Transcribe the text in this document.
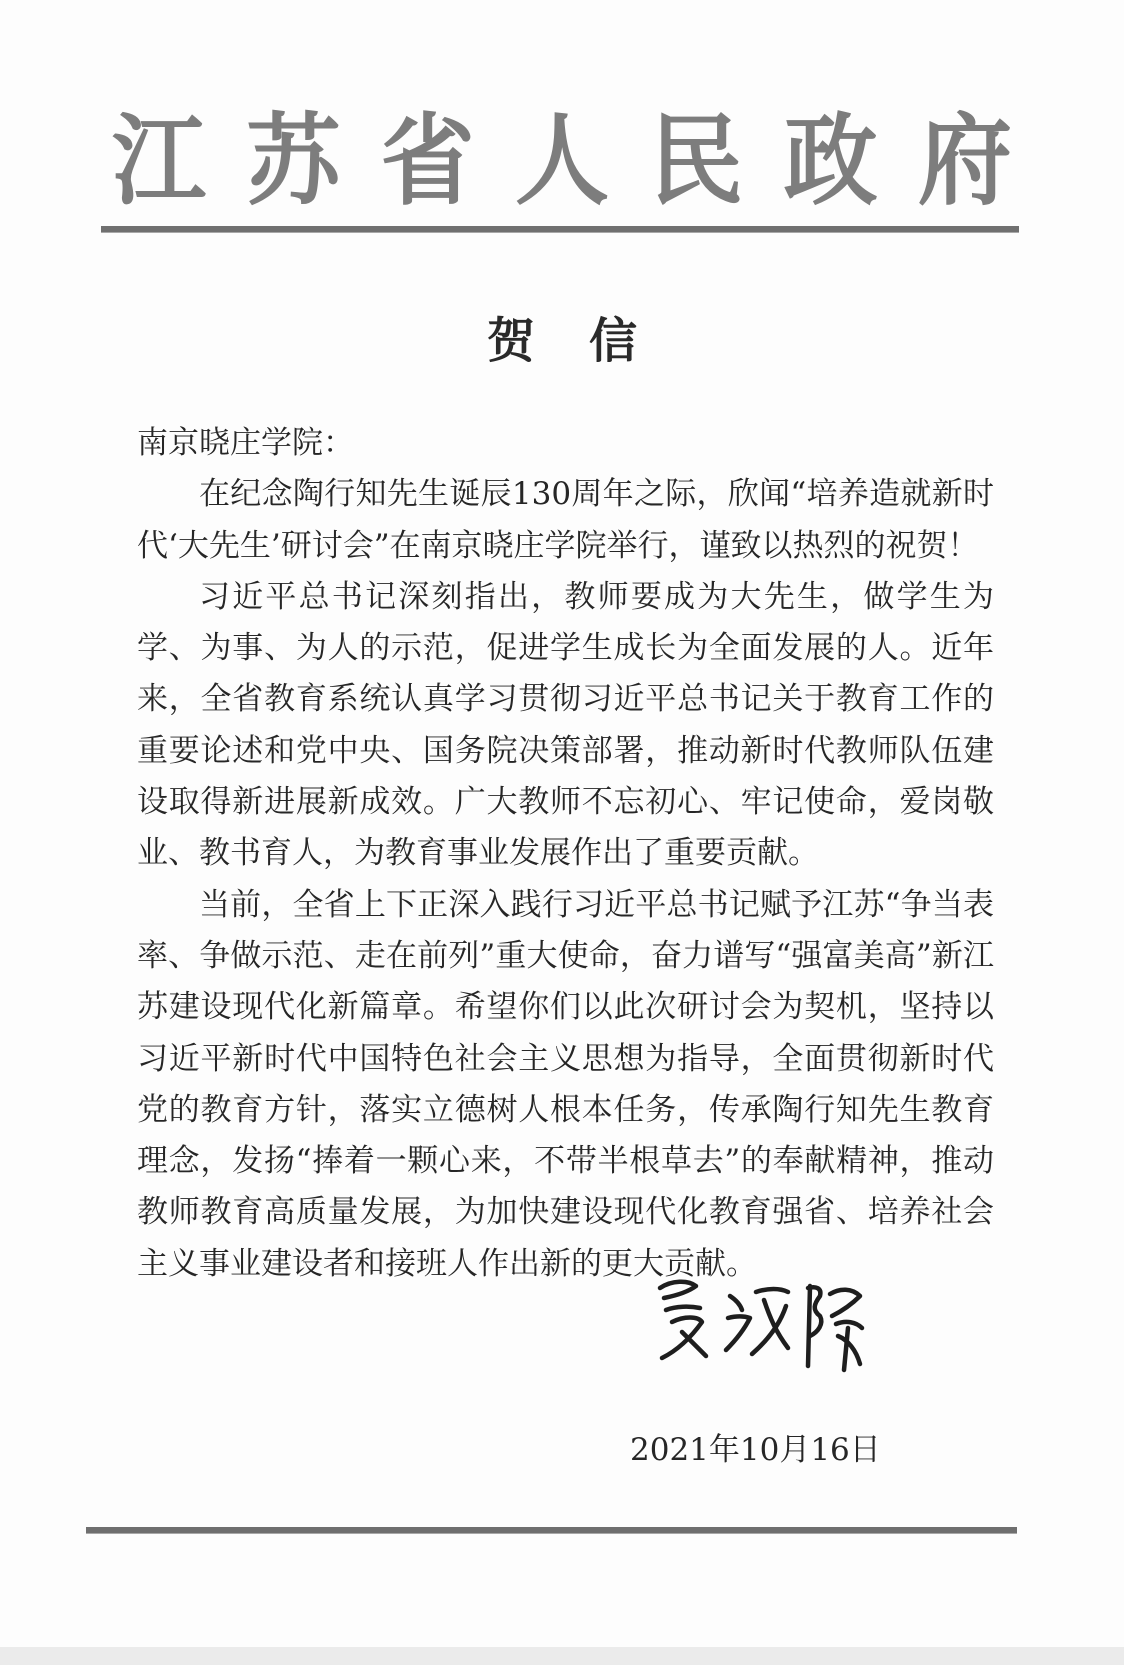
江 苏 省 人 民 政 府
贺信

南京晓庄学院：

在纪念陶行知先生诞辰130周年之际，欣闻“培养造就新时代‘大先生’研讨会”在南京晓庄学院举行，谨致以热烈的祝贺！

习近平总书记深刻指出，教师要成为大先生，做学生为学、为事、为人的示范，促进学生成长为全面发展的人。近年来，全省教育系统认真学习贯彻习近平总书记关于教育工作的重要论述和党中央、国务院决策部署，推动新时代教师队伍建设取得新进展新成效。广大教师不忘初心、牢记使命，爱岗敬业、教书育人，为教育事业发展作出了重要贡献。

当前，全省上下正深入践行习近平总书记赋予江苏“争当表率、争做示范、走在前列”重大使命，奋力谱写“强富美高”新江苏建设现代化新篇章。希望你们以此次研讨会为契机，坚持以习近平新时代中国特色社会主义思想为指导，全面贯彻新时代党的教育方针，落实立德树人根本任务，传承陶行知先生教育理念，发扬“捧着一颗心来，不带半根草去”的奉献精神，推动教师教育高质量发展，为加快建设现代化教育强省、培养社会主义事业建设者和接班人作出新的更大贡献。

2021年10月16日
